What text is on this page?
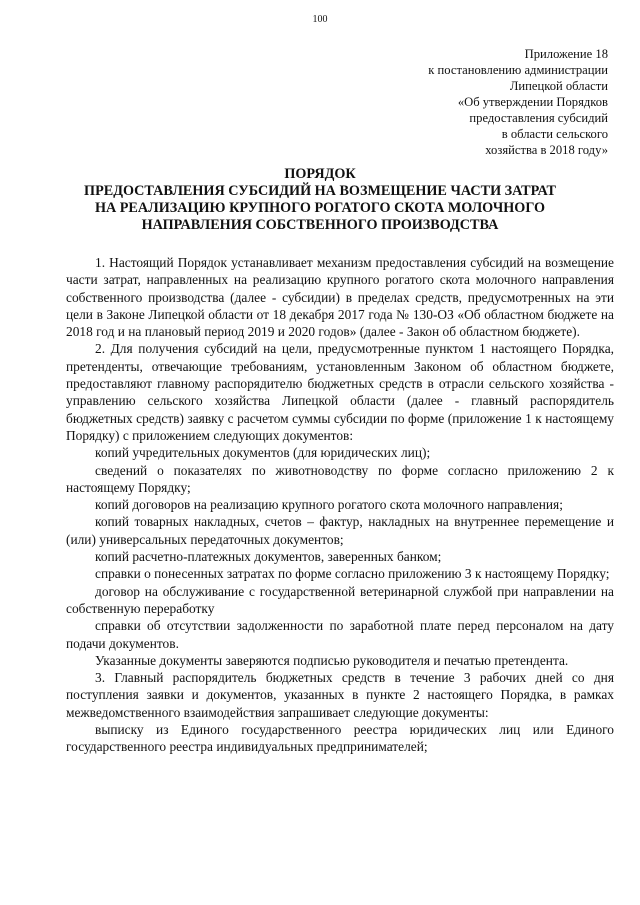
100
Приложение 18
к постановлению администрации
Липецкой области
«Об утверждении Порядков
предоставления субсидий
в области сельского
хозяйства в 2018 году»
ПОРЯДОК
ПРЕДОСТАВЛЕНИЯ СУБСИДИЙ НА ВОЗМЕЩЕНИЕ ЧАСТИ ЗАТРАТ
НА РЕАЛИЗАЦИЮ КРУПНОГО РОГАТОГО СКОТА МОЛОЧНОГО
НАПРАВЛЕНИЯ СОБСТВЕННОГО ПРОИЗВОДСТВА

1. Настоящий Порядок устанавливает механизм предоставления субсидий на возмещение части затрат, направленных на реализацию крупного рогатого скота молочного направления собственного производства (далее - субсидии) в пределах средств, предусмотренных на эти цели в Законе Липецкой области от 18 декабря 2017 года № 130-ОЗ «Об областном бюджете на 2018 год и на плановый период 2019 и 2020 годов» (далее - Закон об областном бюджете).

2. Для получения субсидий на цели, предусмотренные пунктом 1 настоящего Порядка, претенденты, отвечающие требованиям, установленным Законом об областном бюджете, предоставляют главному распорядителю бюджетных средств в отрасли сельского хозяйства - управлению сельского хозяйства Липецкой области (далее - главный распорядитель бюджетных средств) заявку с расчетом суммы субсидии по форме (приложение 1 к настоящему Порядку) с приложением следующих документов:

копий учредительных документов (для юридических лиц);

сведений о показателях по животноводству по форме согласно приложению 2 к настоящему Порядку;

копий договоров на реализацию крупного рогатого скота молочного направления;

копий товарных накладных, счетов – фактур, накладных на внутреннее перемещение и (или) универсальных передаточных документов;

копий расчетно-платежных документов, заверенных банком;

справки о понесенных затратах по форме согласно приложению 3 к настоящему Порядку;

договор на обслуживание с государственной ветеринарной службой при направлении на собственную переработку

справки об отсутствии задолженности по заработной плате перед персоналом на дату подачи документов.

Указанные документы заверяются подписью руководителя и печатью претендента.

3. Главный распорядитель бюджетных средств в течение 3 рабочих дней со дня поступления заявки и документов, указанных в пункте 2 настоящего Порядка, в рамках межведомственного взаимодействия запрашивает следующие документы:

выписку из Единого государственного реестра юридических лиц или Единого государственного реестра индивидуальных предпринимателей;
